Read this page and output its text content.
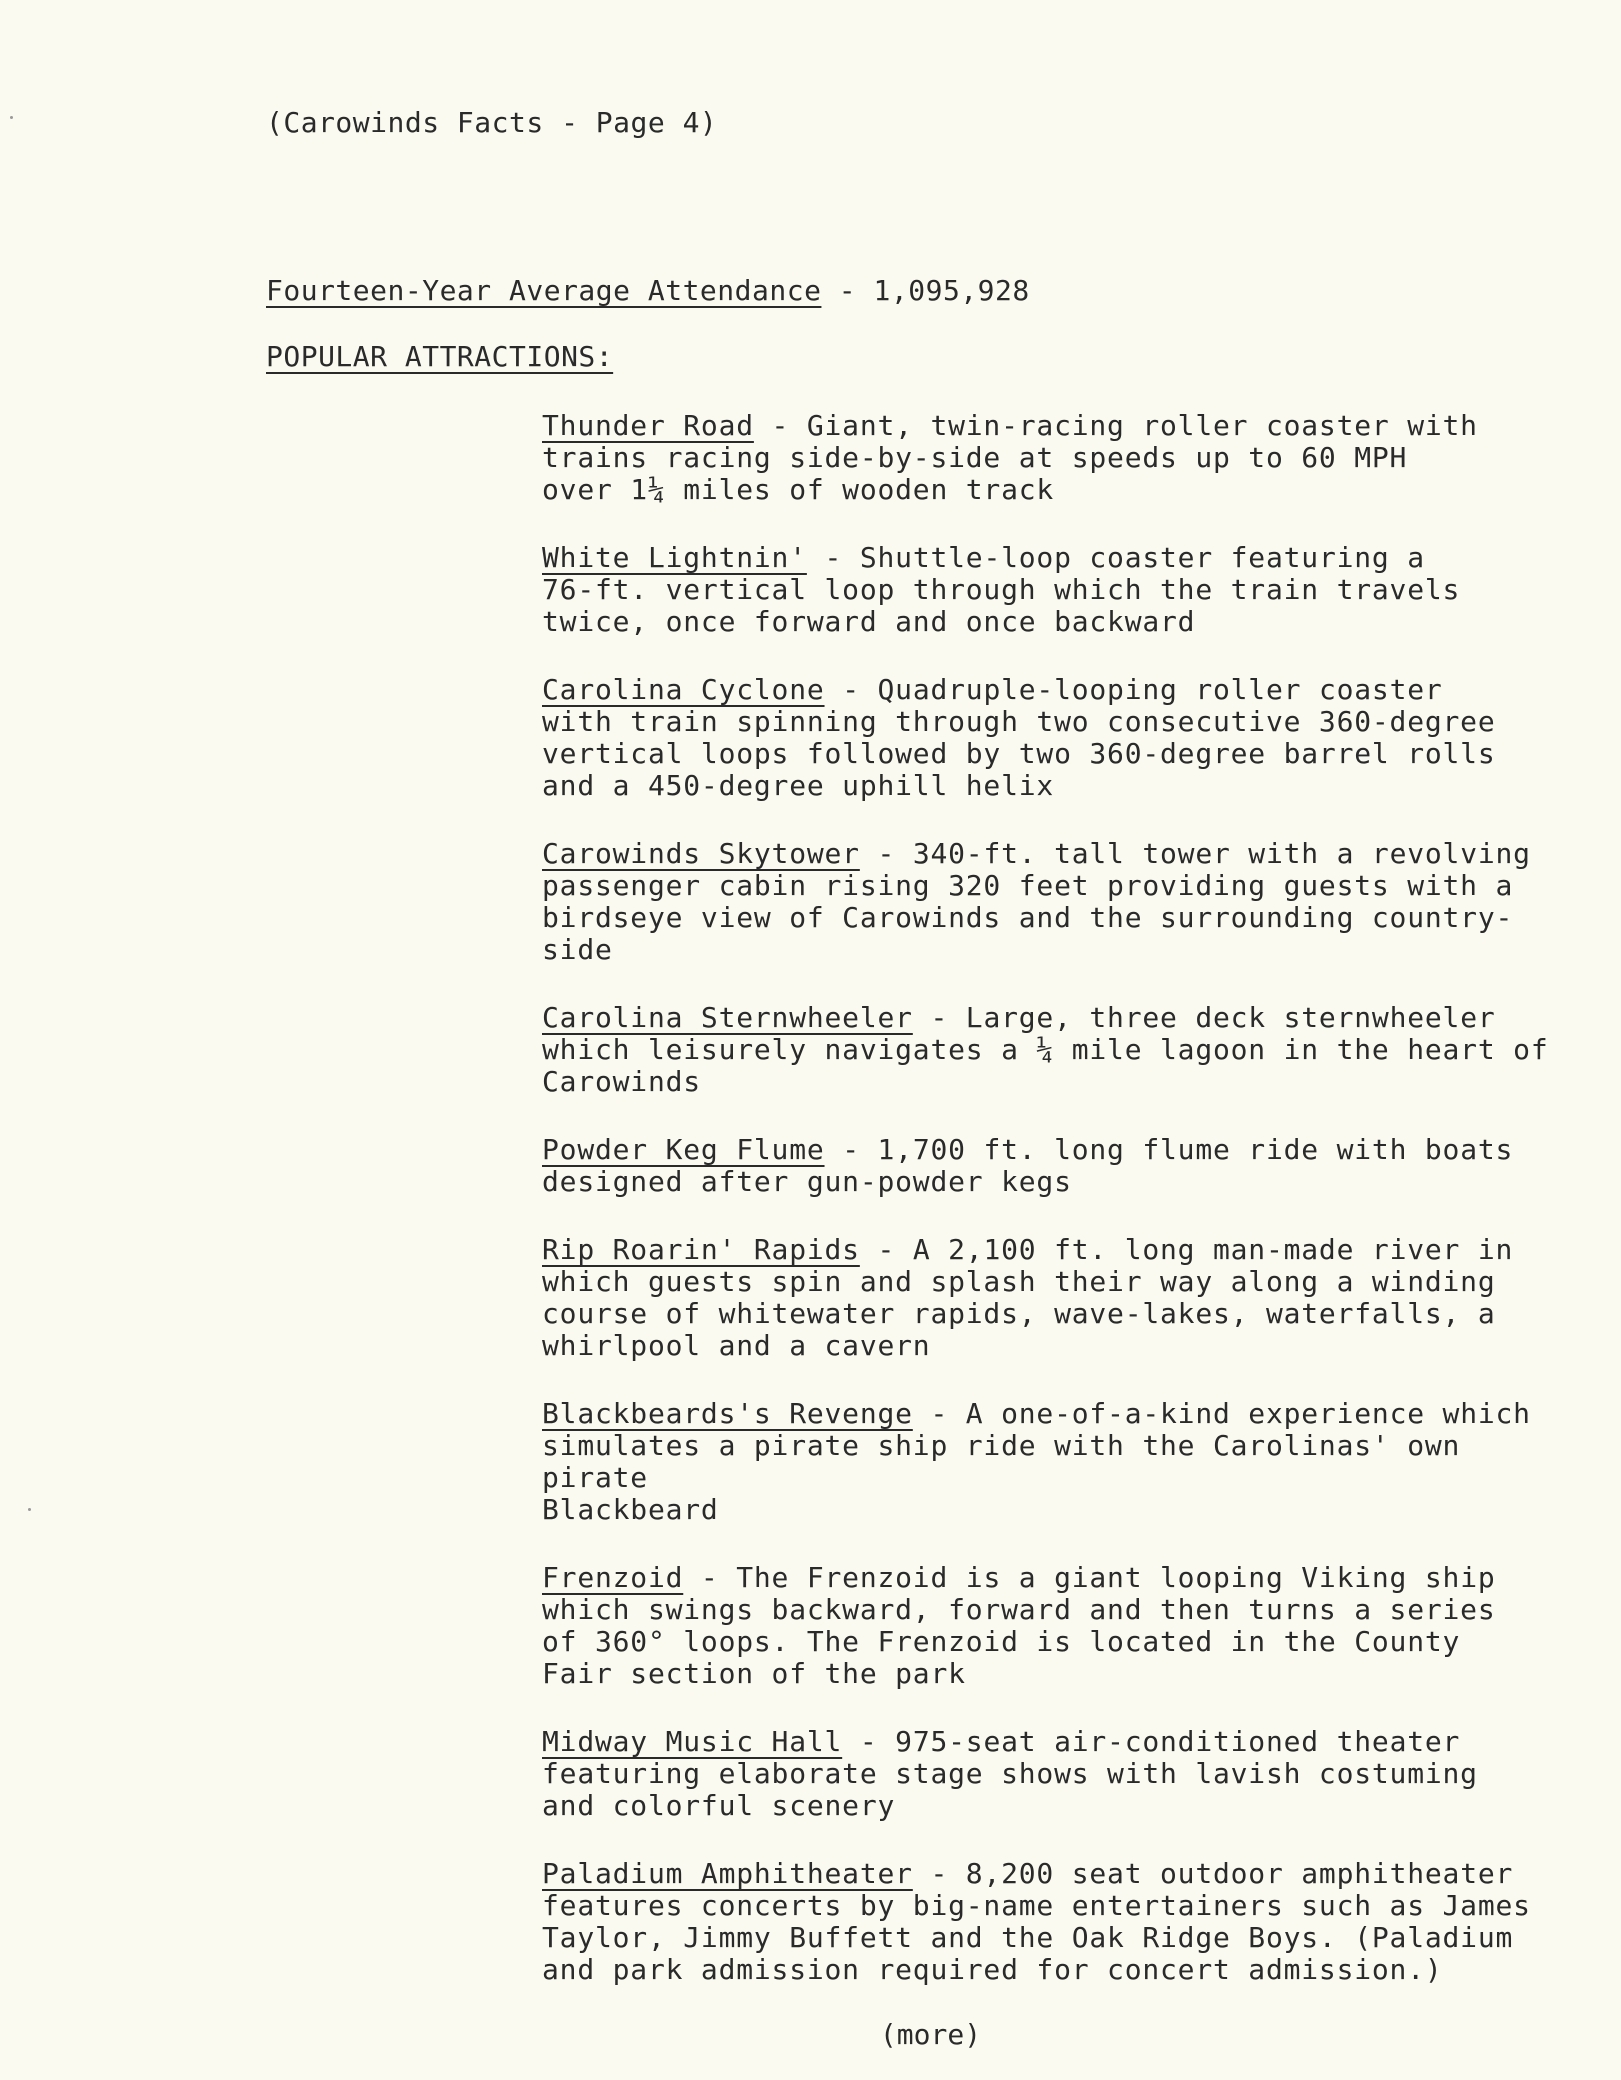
(Carowinds Facts - Page 4)
Fourteen-Year Average Attendance - 1,095,928
POPULAR ATTRACTIONS:
Thunder Road - Giant, twin-racing roller coaster with
trains racing side-by-side at speeds up to 60 MPH
over 1¼ miles of wooden track
White Lightnin' - Shuttle-loop coaster featuring a
76-ft. vertical loop through which the train travels
twice, once forward and once backward
Carolina Cyclone - Quadruple-looping roller coaster
with train spinning through two consecutive 360-degree
vertical loops followed by two 360-degree barrel rolls
and a 450-degree uphill helix
Carowinds Skytower - 340-ft. tall tower with a revolving
passenger cabin rising 320 feet providing guests with a
birdseye view of Carowinds and the surrounding country-
side
Carolina Sternwheeler - Large, three deck sternwheeler
which leisurely navigates a ¼ mile lagoon in the heart of
Carowinds
Powder Keg Flume - 1,700 ft. long flume ride with boats
designed after gun-powder kegs
Rip Roarin' Rapids - A 2,100 ft. long man-made river in
which guests spin and splash their way along a winding
course of whitewater rapids, wave-lakes, waterfalls, a
whirlpool and a cavern
Blackbeards's Revenge - A one-of-a-kind experience which
simulates a pirate ship ride with the Carolinas' own pirate
Blackbeard
Frenzoid - The Frenzoid is a giant looping Viking ship
which swings backward, forward and then turns a series
of 360° loops. The Frenzoid is located in the County
Fair section of the park
Midway Music Hall - 975-seat air-conditioned theater
featuring elaborate stage shows with lavish costuming
and colorful scenery
Paladium Amphitheater - 8,200 seat outdoor amphitheater
features concerts by big-name entertainers such as James
Taylor, Jimmy Buffett and the Oak Ridge Boys. (Paladium
and park admission required for concert admission.)
(more)
